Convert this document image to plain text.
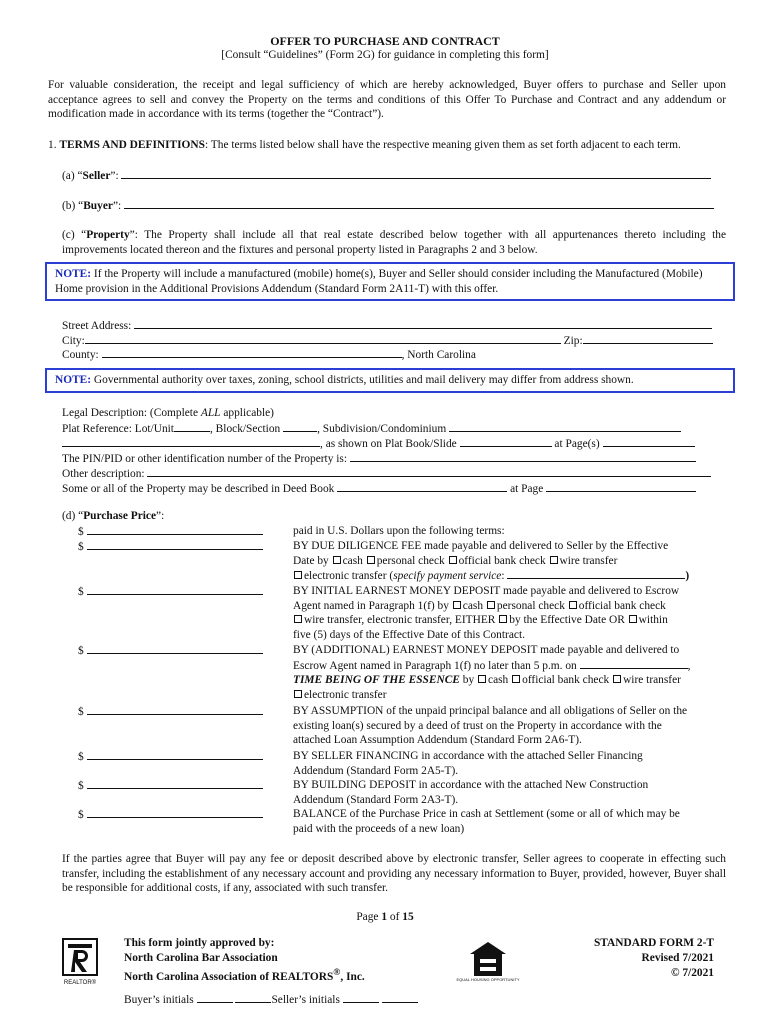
OFFER TO PURCHASE AND CONTRACT
[Consult “Guidelines” (Form 2G) for guidance in completing this form]
For valuable consideration, the receipt and legal sufficiency of which are hereby acknowledged, Buyer offers to purchase and Seller upon acceptance agrees to sell and convey the Property on the terms and conditions of this Offer To Purchase and Contract and any addendum or modification made in accordance with its terms (together the “Contract”).
1. TERMS AND DEFINITIONS: The terms listed below shall have the respective meaning given them as set forth adjacent to each term.
(a) “Seller”:
(b) “Buyer”:
(c) “Property”: The Property shall include all that real estate described below together with all appurtenances thereto including the improvements located thereon and the fixtures and personal property listed in Paragraphs 2 and 3 below.
NOTE: If the Property will include a manufactured (mobile) home(s), Buyer and Seller should consider including the Manufactured (Mobile) Home provision in the Additional Provisions Addendum (Standard Form 2A11-T) with this offer.
Street Address:
City:	Zip:
County:	, North Carolina
NOTE: Governmental authority over taxes, zoning, school districts, utilities and mail delivery may differ from address shown.
Legal Description: (Complete ALL applicable)
Plat Reference: Lot/Unit	, Block/Section	, Subdivision/Condominium
, as shown on Plat Book/Slide	at Page(s)
The PIN/PID or other identification number of the Property is:
Other description:
Some or all of the Property may be described in Deed Book	at Page
(d) “Purchase Price”:
$	paid in U.S. Dollars upon the following terms:
$	BY DUE DILIGENCE FEE made payable and delivered to Seller by the Effective
Date by cash personal check official bank check wire transfer
electronic transfer (specify payment service:	)
$	BY INITIAL EARNEST MONEY DEPOSIT made payable and delivered to Escrow
Agent named in Paragraph 1(f) by cash personal check official bank check
wire transfer, electronic transfer, EITHER by the Effective Date OR within
five (5) days of the Effective Date of this Contract.
$	BY (ADDITIONAL) EARNEST MONEY DEPOSIT made payable and delivered to
Escrow Agent named in Paragraph 1(f) no later than 5 p.m. on	,
TIME BEING OF THE ESSENCE by cash official bank check wire transfer
electronic transfer
$	BY ASSUMPTION of the unpaid principal balance and all obligations of Seller on the
existing loan(s) secured by a deed of trust on the Property in accordance with the
attached Loan Assumption Addendum (Standard Form 2A6-T).
$	BY SELLER FINANCING in accordance with the attached Seller Financing
Addendum (Standard Form 2A5-T).
$	BY BUILDING DEPOSIT in accordance with the attached New Construction
Addendum (Standard Form 2A3-T).
$	BALANCE of the Purchase Price in cash at Settlement (some or all of which may be
paid with the proceeds of a new loan)
If the parties agree that Buyer will pay any fee or deposit described above by electronic transfer, Seller agrees to cooperate in effecting such transfer, including the establishment of any necessary account and providing any necessary information to Buyer, provided, however, Buyer shall be responsible for additional costs, if any, associated with such transfer.
Page 1 of 15
REALTOR®
This form jointly approved by:
North Carolina Bar Association
North Carolina Association of REALTORS®, Inc.	EQUAL HOUSING OPPORTUNITY
STANDARD FORM 2-T
Revised 7/2021
© 7/2021
Buyer’s initials	Seller’s initials
